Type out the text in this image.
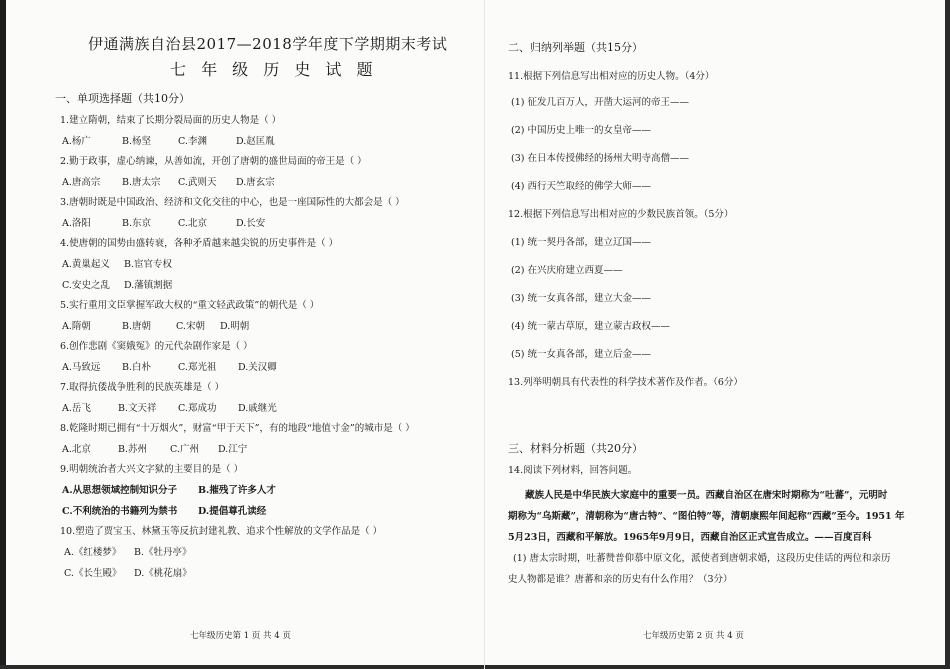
伊通满族自治县2017—2018学年度下学期期末考试
七 年 级 历 史 试 题
一、单项选择题（共10分）
1.建立隋朝，结束了长期分裂局面的历史人物是（ ）
A.杨广	B.杨坚	C.李渊	D.赵匡胤
2.勤于政事，虚心纳谏，从善如流，开创了唐朝的盛世局面的帝王是（ ）
A.唐高宗 B.唐太宗 C.武则天 D.唐玄宗
3.唐朝时既是中国政治、经济和文化交往的中心，也是一座国际性的大都会是（ ）
A.洛阳	B.东京	C.北京	D.长安
4.使唐朝的国势由盛转衰，各种矛盾越来越尖锐的历史事件是（ ）
A.黄巢起义 B.宦官专权
C.安史之乱 D.藩镇割据
5.实行重用文臣掌握军政大权的“重文轻武政策”的朝代是（ ）
A.隋朝	B.唐朝	C.宋朝 D.明朝
6.创作悲剧《窦娥冤》的元代杂剧作家是（ ）
A.马致远 B.白朴	C.郑光祖 D.关汉卿
7.取得抗倭战争胜利的民族英雄是（ ）
A.岳飞	B.文天祥 C.郑成功 D.戚继光
8.乾隆时期已拥有“十万烟火”，财富“甲于天下”，有的地段“地值寸金”的城市是（ ）
A.北京	B.苏州 C.广州 D.江宁
9.明朝统治者大兴文字狱的主要目的是（ ）
A.从思想领域控制知识分子 B.摧残了许多人才
C.不利统治的书籍列为禁书 D.提倡尊孔读经
10.塑造了贾宝玉、林黛玉等反抗封建礼教、追求个性解放的文学作品是（ ）
A.《红楼梦》 B.《牡丹亭》
C.《长生殿》 D.《桃花扇》
七年级历史第 1 页 共 4 页
二、归纳列举题（共15分）
11.根据下列信息写出相对应的历史人物。（4分）
(1) 征发几百万人，开凿大运河的帝王——
(2) 中国历史上唯一的女皇帝——
(3) 在日本传授佛经的扬州大明寺高僧——
(4) 西行天竺取经的佛学大师——
12.根据下列信息写出相对应的少数民族首领。（5分）
(1) 统一契丹各部，建立辽国——
(2) 在兴庆府建立西夏——
(3) 统一女真各部，建立大金——
(4) 统一蒙古草原，建立蒙古政权——
(5) 统一女真各部，建立后金——
13.列举明朝具有代表性的科学技术著作及作者。（6分）
三、材料分析题（共20分）
14.阅读下列材料，回答问题。
藏族人民是中华民族大家庭中的重要一员。西藏自治区在唐宋时期称为“吐蕃”，元明时
期称为“乌斯藏”，清朝称为“唐古特”、“图伯特”等，清朝康熙年间起称“西藏”至今。1951 年
5月23日，西藏和平解放。1965年9月9日，西藏自治区正式宣告成立。——百度百科
(1) 唐太宗时期，吐蕃赞普仰慕中原文化，派使者到唐朝求婚，这段历史佳话的两位和亲历
史人物都是谁？唐蕃和亲的历史有什么作用？（3分）
七年级历史第 2 页 共 4 页
